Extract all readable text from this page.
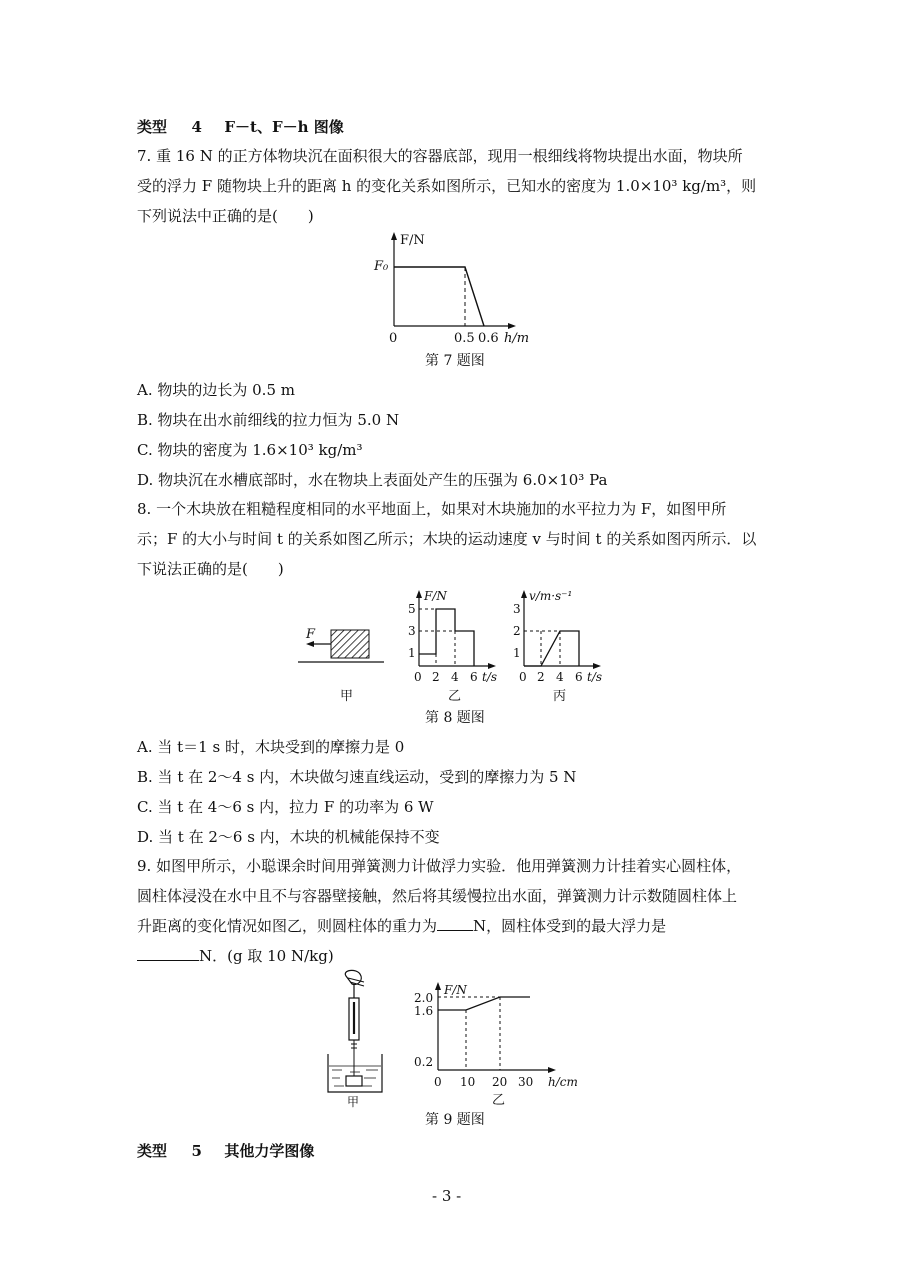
类型 4 F－t、F－h 图像
7. 重 16 N 的正方体物块沉在面积很大的容器底部，现用一根细线将物块提出水面，物块所
受的浮力 F 随物块上升的距离 h 的变化关系如图所示，已知水的密度为 1.0×10³ kg/m³，则
下列说法中正确的是(　　)
F/N
F₀
0	0.5 0.6 h/m
第 7 题图
A. 物块的边长为 0.5 m
B. 物块在出水前细线的拉力恒为 5.0 N
C. 物块的密度为 1.6×10³ kg/m³
D. 物块沉在水槽底部时，水在物块上表面处产生的压强为 6.0×10³ Pa
8. 一个木块放在粗糙程度相同的水平地面上，如果对木块施加的水平拉力为 F，如图甲所
示；F 的大小与时间 t 的关系如图乙所示；木块的运动速度 v 与时间 t 的关系如图丙所示．以
下说法正确的是(　　)
F
甲
F/N
5
3
1
0 2 4 6 t/s
乙
v/m·s⁻¹
3
2
1
0 2 4 6 t/s
丙
第 8 题图
A. 当 t＝1 s 时，木块受到的摩擦力是 0
B. 当 t 在 2～4 s 内，木块做匀速直线运动，受到的摩擦力为 5 N
C. 当 t 在 4～6 s 内，拉力 F 的功率为 6 W
D. 当 t 在 2～6 s 内，木块的机械能保持不变
9. 如图甲所示，小聪课余时间用弹簧测力计做浮力实验．他用弹簧测力计挂着实心圆柱体，
圆柱体浸没在水中且不与容器壁接触，然后将其缓慢拉出水面，弹簧测力计示数随圆柱体上
升距离的变化情况如图乙，则圆柱体的重力为 N，圆柱体受到的最大浮力是
N．(g 取 10 N/kg)
甲
F/N
2.0
1.6
0.2
0 10 20 30 h/cm
乙
第 9 题图
类型 5 其他力学图像
- 3 -
